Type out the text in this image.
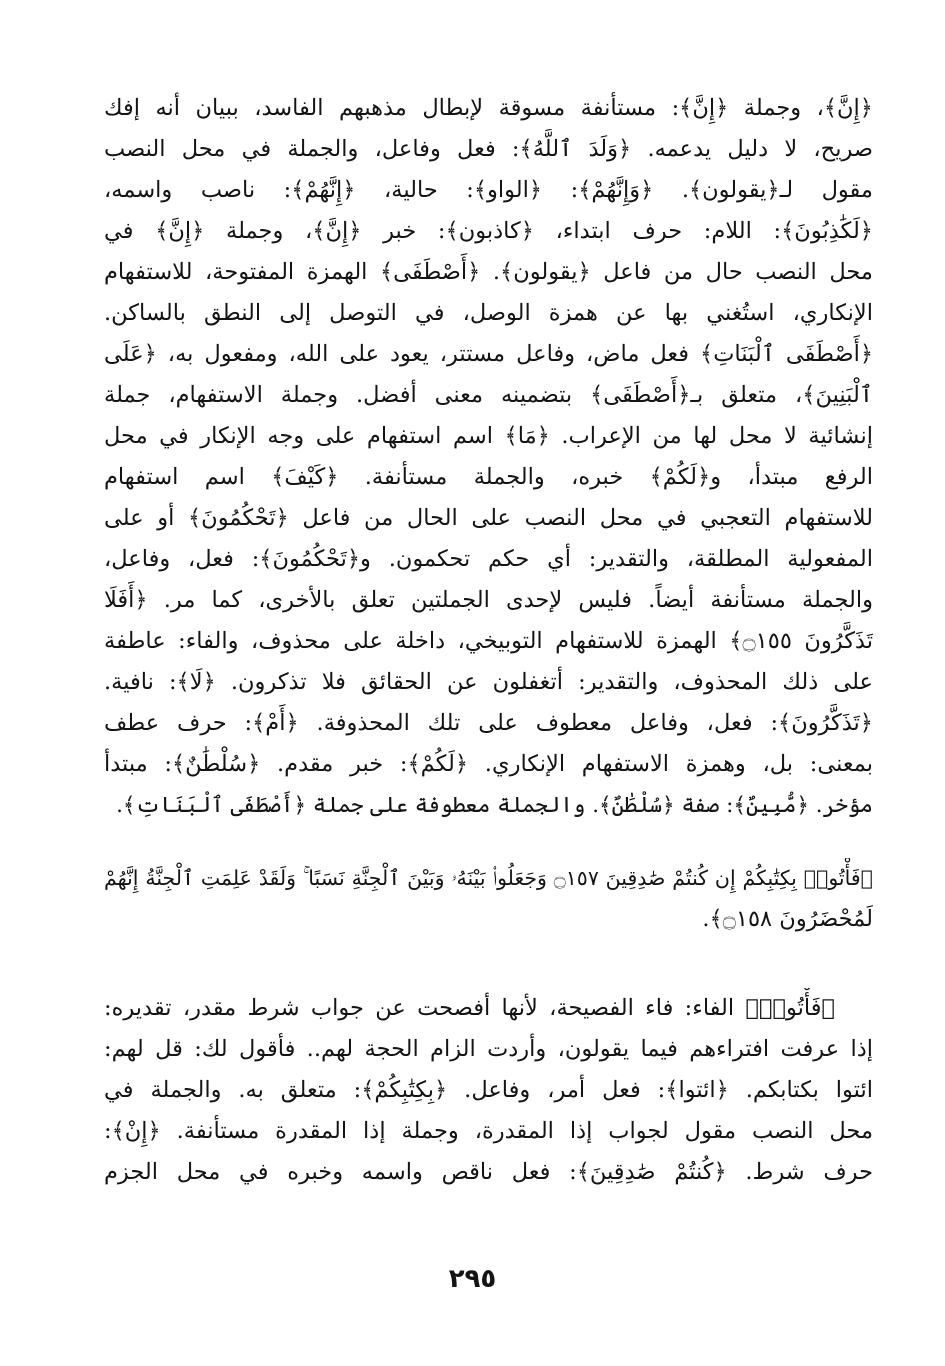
﴿إِنَّ﴾، وجملة ﴿إِنَّ﴾: مستأنفة مسوقة لإبطال مذهبهم الفاسد، ببيان أنه إفك
صريح، لا دليل يدعمه. ﴿وَلَدَ ٱللَّهُ﴾: فعل وفاعل، والجملة في محل النصب
مقول لـ﴿يقولون﴾. ﴿وَإِنَّهُمْ﴾: ﴿الواو﴾: حالية، ﴿إِنَّهُمْ﴾: ناصب واسمه،
﴿لَكَٰذِبُونَ﴾: اللام: حرف ابتداء، ﴿كاذبون﴾: خبر ﴿إِنَّ﴾، وجملة ﴿إِنَّ﴾ في
محل النصب حال من فاعل ﴿يقولون﴾. ﴿أَصْطَفَى﴾ الهمزة المفتوحة، للاستفهام
الإنكاري، استُغني بها عن همزة الوصل، في التوصل إلى النطق بالساكن.
﴿أَصْطَفَى ٱلْبَنَاتِ﴾ فعل ماض، وفاعل مستتر، يعود على الله، ومفعول به، ﴿عَلَى
ٱلْبَنِينَ﴾، متعلق بـ﴿أَصْطَفَى﴾ بتضمينه معنى أفضل. وجملة الاستفهام، جملة
إنشائية لا محل لها من الإعراب. ﴿مَا﴾ اسم استفهام على وجه الإنكار في محل
الرفع مبتدأ، و﴿لَكُمْ﴾ خبره، والجملة مستأنفة. ﴿كَيْفَ﴾ اسم استفهام
للاستفهام التعجبي في محل النصب على الحال من فاعل ﴿تَحْكُمُونَ﴾ أو على
المفعولية المطلقة، والتقدير: أي حكم تحكمون. و﴿تَحْكُمُونَ﴾: فعل، وفاعل،
والجملة مستأنفة أيضاً. فليس لإحدى الجملتين تعلق بالأخرى، كما مر. ﴿أَفَلَا
تَذَكَّرُونَ ۝١٥٥﴾ الهمزة للاستفهام التوبيخي، داخلة على محذوف، والفاء: عاطفة
على ذلك المحذوف، والتقدير: أتغفلون عن الحقائق فلا تذكرون. ﴿لَا﴾: نافية.
﴿تَذَكَّرُونَ﴾: فعل، وفاعل معطوف على تلك المحذوفة. ﴿أَمْ﴾: حرف عطف
بمعنى: بل، وهمزة الاستفهام الإنكاري. ﴿لَكُمْ﴾: خبر مقدم. ﴿سُلْطَٰنٌ﴾: مبتدأ
مؤخر. ﴿مُّبِينٌ﴾: صفة ﴿سُلْطَٰنٌ﴾. والجملة معطوفة على جملة ﴿أَصْطَفَى ٱلْبَنَاتِ﴾.
﴿فَأْتُوا۟ بِكِتَٰبِكُمْ إِن كُنتُمْ صَٰدِقِينَ ۝١٥٧ وَجَعَلُوا۟ بَيْنَهُۥ وَبَيْنَ ٱلْجِنَّةِ نَسَبًا ۚ وَلَقَدْ عَلِمَتِ ٱلْجِنَّةُ إِنَّهُمْ
لَمُحْضَرُونَ ۝١٥٨﴾.
﴿فَأْتُوا۟﴾ الفاء: فاء الفصيحة، لأنها أفصحت عن جواب شرط مقدر، تقديره:
إذا عرفت افتراءهم فيما يقولون، وأردت الزام الحجة لهم.. فأقول لك: قل لهم:
ائتوا بكتابكم. ﴿ائتوا﴾: فعل أمر، وفاعل. ﴿بِكِتَٰبِكُمْ﴾: متعلق به. والجملة في
محل النصب مقول لجواب إذا المقدرة، وجملة إذا المقدرة مستأنفة. ﴿إِنْ﴾:
حرف شرط. ﴿كُنتُمْ صَٰدِقِينَ﴾: فعل ناقص واسمه وخبره في محل الجزم
٢٩٥
